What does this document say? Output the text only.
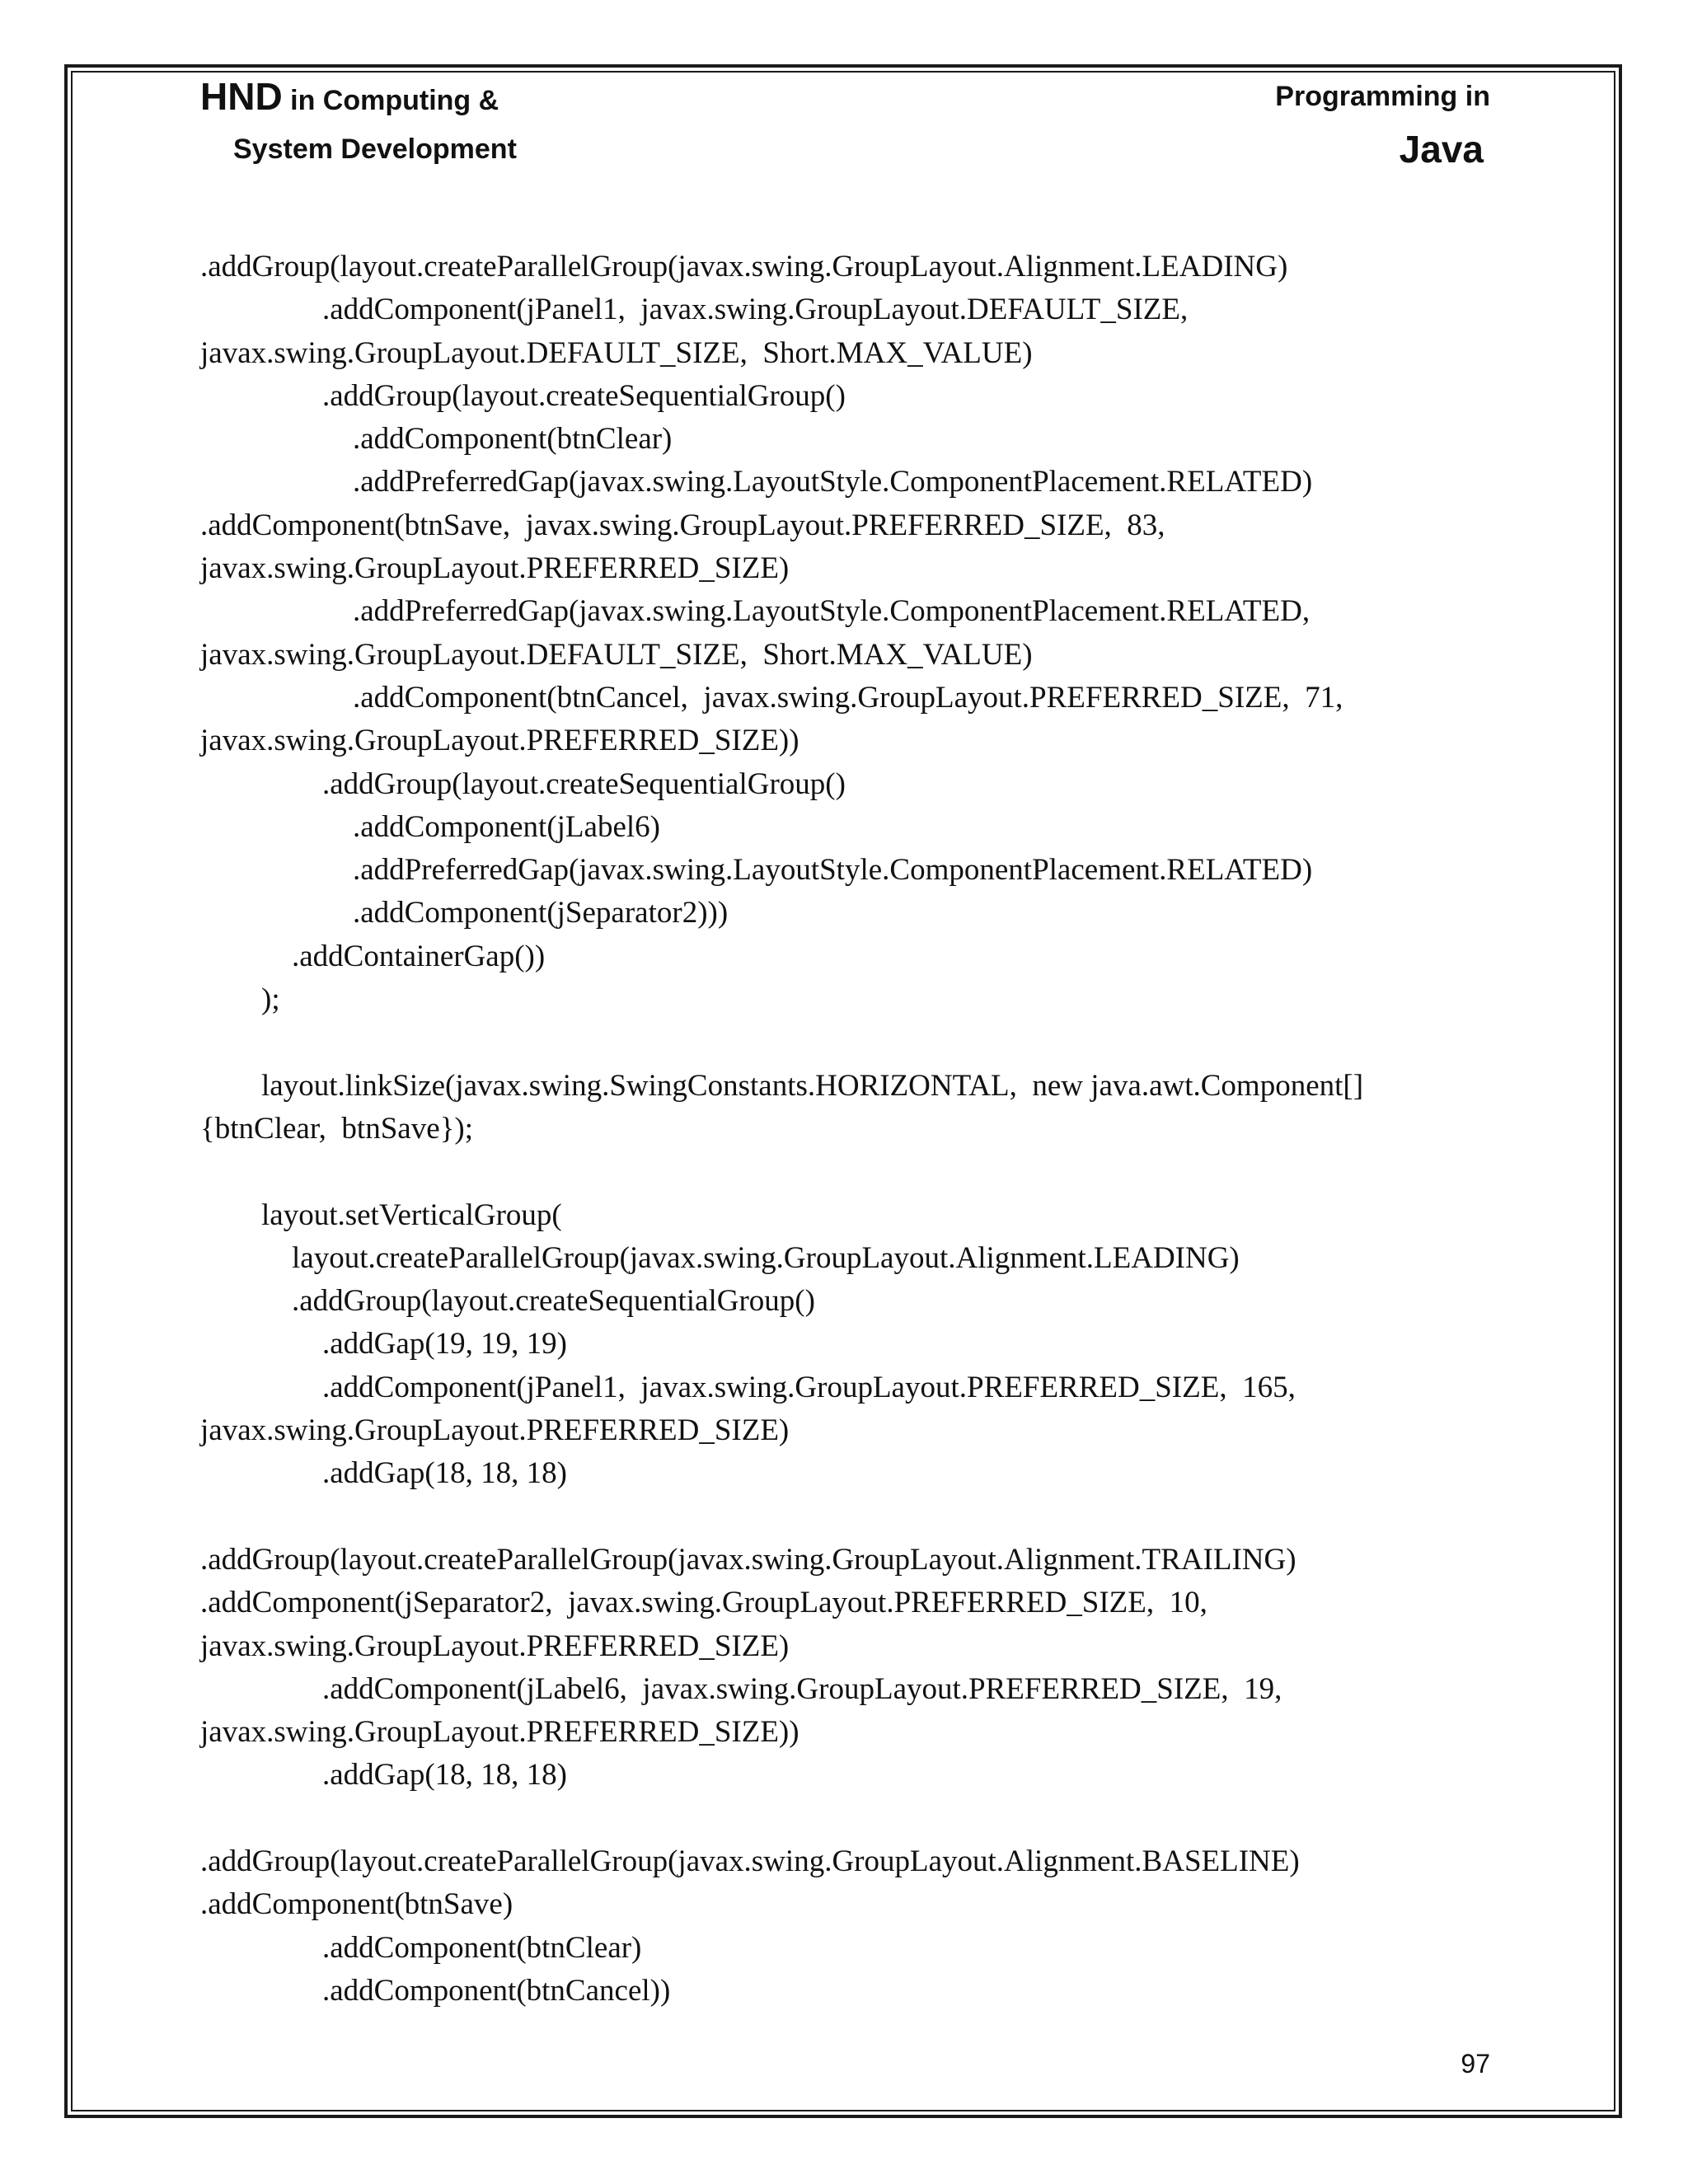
HND in Computing &
System Development
Programming in
Java
.addGroup(layout.createParallelGroup(javax.swing.GroupLayout.Alignment.LEADING)
.addComponent(jPanel1,  javax.swing.GroupLayout.DEFAULT_SIZE,
javax.swing.GroupLayout.DEFAULT_SIZE,  Short.MAX_VALUE)
.addGroup(layout.createSequentialGroup()
.addComponent(btnClear)
.addPreferredGap(javax.swing.LayoutStyle.ComponentPlacement.RELATED)
.addComponent(btnSave,  javax.swing.GroupLayout.PREFERRED_SIZE,  83,
javax.swing.GroupLayout.PREFERRED_SIZE)
.addPreferredGap(javax.swing.LayoutStyle.ComponentPlacement.RELATED,
javax.swing.GroupLayout.DEFAULT_SIZE,  Short.MAX_VALUE)
.addComponent(btnCancel,  javax.swing.GroupLayout.PREFERRED_SIZE,  71,
javax.swing.GroupLayout.PREFERRED_SIZE))
.addGroup(layout.createSequentialGroup()
.addComponent(jLabel6)
.addPreferredGap(javax.swing.LayoutStyle.ComponentPlacement.RELATED)
.addComponent(jSeparator2)))
.addContainerGap())
);
layout.linkSize(javax.swing.SwingConstants.HORIZONTAL,  new java.awt.Component[]
{btnClear,  btnSave});
layout.setVerticalGroup(
layout.createParallelGroup(javax.swing.GroupLayout.Alignment.LEADING)
.addGroup(layout.createSequentialGroup()
.addGap(19, 19, 19)
.addComponent(jPanel1,  javax.swing.GroupLayout.PREFERRED_SIZE,  165,
javax.swing.GroupLayout.PREFERRED_SIZE)
.addGap(18, 18, 18)
.addGroup(layout.createParallelGroup(javax.swing.GroupLayout.Alignment.TRAILING)
.addComponent(jSeparator2,  javax.swing.GroupLayout.PREFERRED_SIZE,  10,
javax.swing.GroupLayout.PREFERRED_SIZE)
.addComponent(jLabel6,  javax.swing.GroupLayout.PREFERRED_SIZE,  19,
javax.swing.GroupLayout.PREFERRED_SIZE))
.addGap(18, 18, 18)
.addGroup(layout.createParallelGroup(javax.swing.GroupLayout.Alignment.BASELINE)
.addComponent(btnSave)
.addComponent(btnClear)
.addComponent(btnCancel))
97
